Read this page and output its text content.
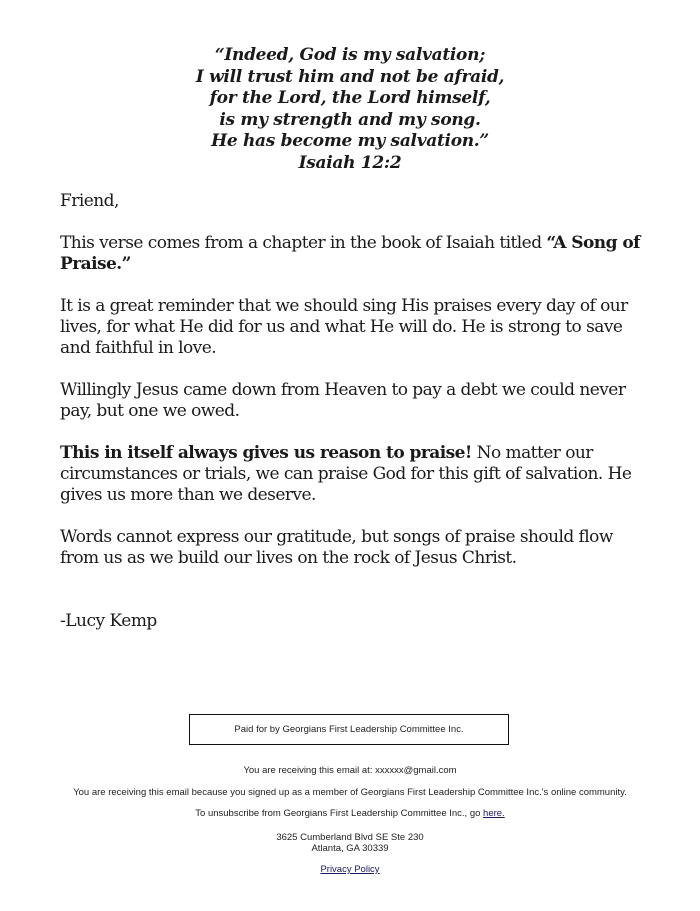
“Indeed, God is my salvation;
I will trust him and not be afraid,
for the Lord, the Lord himself,
is my strength and my song.
He has become my salvation.”
Isaiah 12:2

Friend,

This verse comes from a chapter in the book of Isaiah titled “A Song of Praise.”

It is a great reminder that we should sing His praises every day of our lives, for what He did for us and what He will do. He is strong to save and faithful in love.

Willingly Jesus came down from Heaven to pay a debt we could never pay, but one we owed.

This in itself always gives us reason to praise! No matter our circumstances or trials, we can praise God for this gift of salvation. He gives us more than we deserve.

Words cannot express our gratitude, but songs of praise should flow from us as we build our lives on the rock of Jesus Christ.

-Lucy Kemp
Paid for by Georgians First Leadership Committee Inc.
You are receiving this email at: xxxxxx@gmail.com
You are receiving this email because you signed up as a member of Georgians First Leadership Committee Inc.'s online community.
To unsubscribe from Georgians First Leadership Committee Inc., go here.
3625 Cumberland Blvd SE Ste 230
Atlanta, GA 30339
Privacy Policy
